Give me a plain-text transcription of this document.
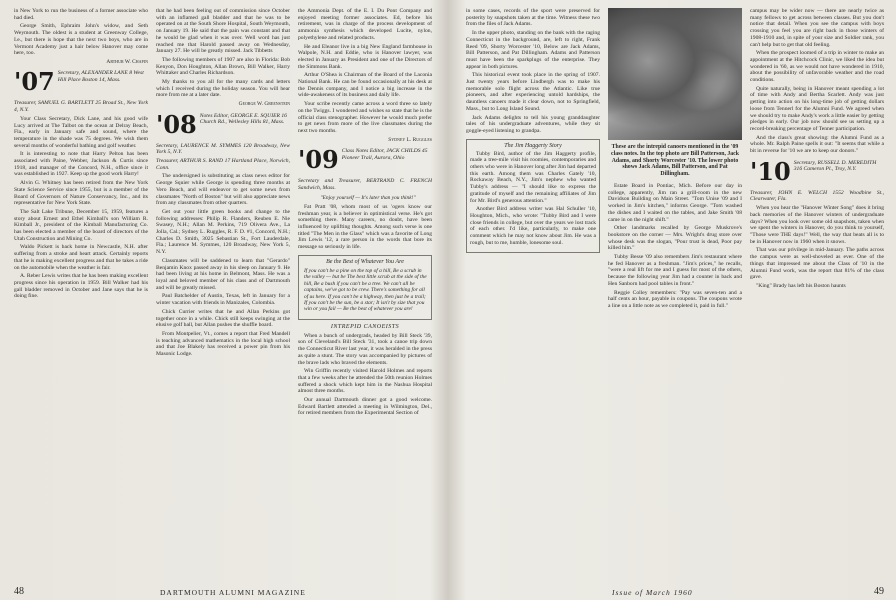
in New York to run the business of a former associate who had died.

George Smith, Ephraim John's widow, and Seth Weymouth. The oldest is a student at Greenway College, I.e., but there is hope that the next two boys, who are in Vermont Academy just a hair below Hanover may come here, too.

Arthur W. Chapin
'07 Secretary, ALEXANDER LANE 8 West Hill Place Boston 14, Mass.

Treasurer, SAMUEL G. BARTLETT 25 Broad St., New York 4, N.Y.

Your Class Secretary, Dick Lane, and his good wife Lucy arrived at The Talbot on the ocean at Delray Beach, Fla., early in January safe and sound, where the temperature in the shade was 75 degrees. We wish them several months of wonderful bathing and golf weather.

It is interesting to note that Harry Pelton has been associated with Paine, Webber, Jackson & Curtis since 1918, and manager of the Concord, N.H., office since it was established in 1927. Keep up the good work Harry!

Alvin G. Whitney has been retired from the New York State Science Service since 1955, but is a member of the Board of Governors of Nature Conservancy, Inc., and its representative for New York State.

The Salt Lake Tribune, December 15, 1959, features a story about Ernest and Ethel Kimball's son William R. Kimball Jr., president of the Kimball Manufacturing Co. has been elected a member of the board of directors of the Utah Construction and Mining Co.

Waldo Pickett is back home in Newcastle, N.H. after suffering from a stroke and heart attack. Certainly reports that he is making excellent progress and that he takes a ride on the automobile when the weather is fair.

A. Reber Lewis writes that he has been making excellent progress since his operation in 1959. Bill Walker had his gall bladder removed in October and Jane says that he is doing fine.

that he had been feeling out of commission since October with an inflamed gall bladder and that he was to be operated on at the South Shore Hospital, South Weymouth, on January 19. He said that the pain was constant and that he would be glad when it was over. Well word has just reached me that Harold passed away on Wednesday, January 27. He will be greatly missed. Jack Tibbetts

The following members of 1907 are also in Florida: Bob Kenyon, Don Houghton, Allan Brown, Bill Walker, Harry Whittaker and Charles Richardson.

My thanks to you all for the many cards and letters which I received during the holiday season. You will hear more from me at a later date.

George W. Greenstein
'08 Notes Editor, GEORGE E. SQUIER 16 Church Rd., Wellesley Hills 81, Mass.

Secretary, LAURENCE M. SYMMES 120 Broadway, New York 5, N.Y.

Treasurer, ARTHUR S. RAND 17 Hartland Place, Norwich, Conn.

The undersigned is substituting as class news editor for George Squier while George is spending three months at Vero Beach, and will endeavor to get some news from classmates "North of Boston" but will also appreciate news from any classmates from other quarters.

Get out your little green books and change to the following addresses: Philip R. Flanders, Reuben E. Nie Swasey, N.H.; Allan M. Perkins, 719 Olivera Ave., La Jolla, Cal.; Sydney L. Ruggles, R. F. D. #1, Concord, N.H.; Charles D. Smith, 3025 Sebastian St., Fort Lauderdale, Fla.; Laurence M. Symmes, 120 Broadway, New York 5, N.Y.

Classmates will be saddened to learn that "Gerardo" Benjamin Knox passed away in his sleep on January 9. He had been living at his home in Belmont, Mass. He was a loyal and beloved member of his class and of Dartmouth and will be greatly missed.

Paul Batchelder of Austin, Texas, left in January for a winter vacation with friends in Manizales, Colombia.

Chick Currier writes that he and Allan Perkins got together once in a while. Chick still keeps swinging at the elusive golf ball, but Allan pushes the shuffle board.

From Montpelier, Vt., comes a report that Fred Mandell is teaching advanced mathematics in the local high school and that Joe Blakely has received a power pin from his Masonic Lodge.

the Ammonia Dept. of the E. I. Du Pont Company and enjoyed meeting former associates. Ed, before his retirement, was in charge of the process development of ammonia synthesis which developed Lucite, nylon, polyethylene and related products.

He and Eleanor live in a big New England farmhouse in Walpole, N.H. and Eddie, who is Hanover lawyer, was elected in January as President and one of the Directors of the Simmons Bank.

Arthur O'Shea is Chairman of the Board of the Laconia National Bank. He can be found occasionally at his desk at the Dennis company, and I notice a big increase in the wide-awakeness of its business and daily life.

Your scribe recently came across a word three so lately on the Twiggs. I wondered and wishes so state that he is the official class stenographer. However he would much prefer to get news from more of the live classmates during the next two months.

Sydney L. Ruggles
'09 Class Notes Editor, JACK CHILDS 45 Pioneer Trail, Aurora, Ohio

Secretary and Treasurer, BERTRAND C. FRENCH Sandwich, Mass.

"Enjoy yourself — It's later than you think!"

Fat Pratt '08, whom most of us 'ogers know our freshman year, is a believer in optimistical verse. He's got something there. Many careers, no doubt, have been influenced by uplifting thoughts. Among such verse is one titled "The Men in the Glass" which was a favorite of Long Jim Lewis '12, a rare person in the words that bore its message so seriously in life.

Be the Best of Whatever You Are
If you can't be a pine on the top of a hill, Be a scrub in the valley — but be The best little scrub at the side of the hill, Be a bush if you can't be a tree. We can't all be captains, we've got to be crew. There's something for all of us here. If you can't be a highway, then just be a trail; If you can't be the sun, be a star; It isn't by size that you win or you fail — Be the best of whatever you are!
INTREPID CANOEISTS

When a bunch of undergrads, headed by Bill Steck '39, son of Cleveland's Bill Steck '31, took a canoe trip down the Connecticut River last year, it was heralded in the press as quite a stunt. The story was accompanied by pictures of the brave lads who braved the elements.

Win Griffin recently visited Harold Holmes and reports that a few weeks after he attended the 50th reunion Holmes suffered a shock which kept him in the Nashua Hospital almost three months.

Our annual Dartmouth dinner got a good welcome. Edward Bartlett attended a meeting in Wilmington, Del., for retired members from the Experimental Section of

48	DARTMOUTH ALUMNI MAGAZINE

in some cases, records of the sport were preserved for posterity by snapshots taken at the time. Witness these two from the files of Jack Adams.

In the upper photo, standing on the bank with the raging Connecticut in the background, are, left to right, Frank Reed '09, Shorty Worcester '10, Below are Jack Adams, Bill Patterson, and Pat Dillingham. Adams and Patterson must have been the sparkplugs of the enterprise. They appear in both pictures.

This historical event took place in the spring of 1907. Just twenty years before Lindbergh was to make his memorable solo flight across the Atlantic. Like true pioneers, and after experiencing untold hardships, the dauntless canoers made it clear down, not to Springfield, Mass., but to Long Island Sound.

Jack Adams delights to tell his young granddaughter tales of his undergraduate adventures, while they sit goggle-eyed listening to grandpa.

The Jim Haggerty Story

Tubby Bird, author of the Jim Haggerty profile, made a tree-mile visit his roomies, contemporaries and others who were in Hanover long after Jim had departed this earth. Among them was Charles Gately '10, Rockaway Beach, N.Y., Jim's nephew who wanted Tubby's address — "I should like to express the gratitude of myself and the remaining affiliates of Jim for Mr. Bird's generous attention."

Another Bird address writer was Hal Schuller '10, Houghton, Mich., who wrote: "Tubby Bird and I were close friends in college, but over the years we lost track of each other. I'd like, particularly, to make one comment which he may not know about Jim. He was a rough, but to me, humble, lonesome soul.

These are the intrepid canoers mentioned in the '09 class notes. In the top photo are Bill Patterson, Jack Adams, and Shorty Worcester '10. The lower photo shows Jack Adams, Bill Patterson, and Pat Dillingham.

Estate Board in Pontiac, Mich. Before our day in college, apparently, Jim ran a grill-room in the new Davidson Building on Main Street. "Tom Unise '09 and I worked in Jim's kitchen," informs George. "Tom washed the dishes and I waited on the tables, and Jake Smith '08 came in on the night shift."

Other landmarks recalled by George Muskrove's bookstore on the corner — Mrs. Wright's drug store over whose desk was the slogan, "Pour trust is dead, Poor pay killed him."

Tubby Besse '09 also remembers Jim's restaurant where he fed Hanover as a freshman. "Jim's prices," he recalls, "were a real lift for me and I guess for most of the others, because the following year Jim had a counter in back and Hen Sanborn had pool tables in front."

Reggie Colley remembers: "Pay was seven-ten and a half cents an hour, payable in coupons. The coupons wrote a line on a little note as we completed it, paid in full."

campus may be wider now — there are nearly twice as many fellows to get across between classes. But you don't notice that detail. When you see the campus with boys crossing you feel you are right back in those winters of 1908-1910 and, in spite of your size and Soldier rank, you can't help but to get that old feeling.

When the prospect loomed of a trip in winter to make an appointment at the Hitchcock Clinic, we liked the idea but wondered in '60, as we would not have wondered in 1910, about the possibility of unfavorable weather and the road conditions.

Quite naturally, being in Hanover meant spending a lot of time with Andy and Bertha Scarlett. Andy was just getting into action on his long-time job of getting dollars loose from Tennerl for the Alumni Fund. We agreed when we should try to make Andy's work a little easier by getting pledges in early. Our job now should see us setting up a record-breaking percentage of Tenner participation.

And the class's great showing: the Alumni Fund as a whole. Mr. Ralph Paine spells it out: "It seems that while a bit in reverse for '10 we are to keep our donors."

'10 Secretary, RUSSELL D. MEREDITH 316 Cameron Pl., Troy, N.Y.

Treasurer, JOHN E. WELCH 1552 Woodbine St., Clearwater, Fla.

When you hear the "Hanover Winter Song" does it bring back memories of the Hanover winters of undergraduate days? When you look over some old snapshots, taken when we spent the winters in Hanover, do you think to yourself, "Those were THE days!" Well, the way that beats all is to be in Hanover now in 1960 when it snows.

That was our privilege in mid-January. The paths across the campus were as well-shoveled as ever. One of the things that impressed me about the Class of '10 in the Alumni Fund work, was the report that 81% of the class gave.

"King" Brady has left his Boston haunts

Issue of March 1960	49
